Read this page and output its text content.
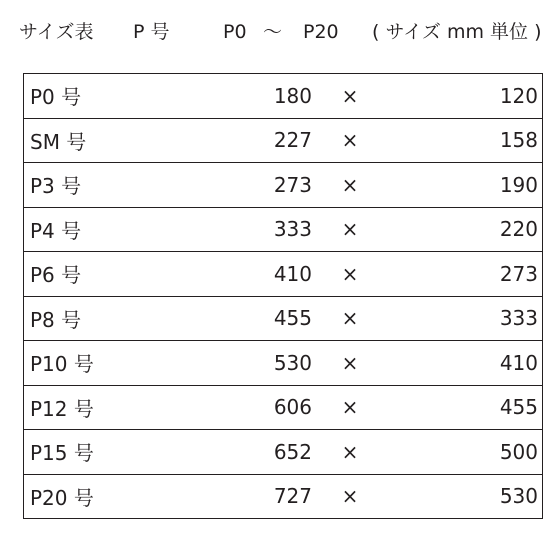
サイズ表 P 号	P0 〜 P20 ( サイズ mm 単位 )
P0 号	180	×	120
SM 号	227	×	158
P3 号	273	×	190
P4 号	333	×	220
P6 号	410	×	273
P8 号	455	×	333
P10 号	530	×	410
P12 号	606	×	455
P15 号	652	×	500
P20 号	727	×	530
